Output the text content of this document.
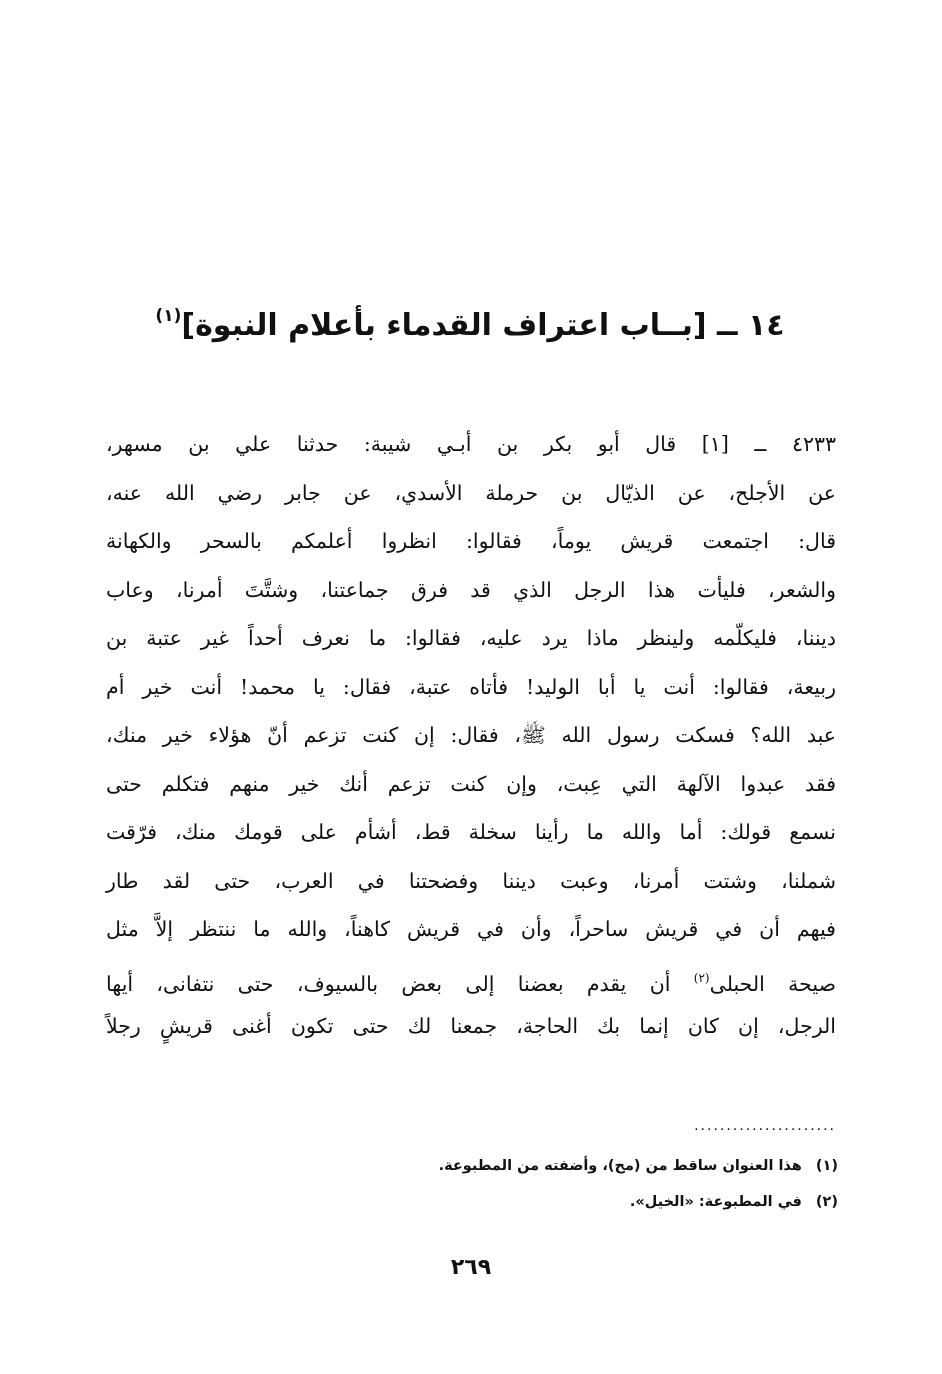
١٤ ــ [بــاب اعتراف القدماء بأعلام النبوة]$^{(١)}$
٤٢٣٣ ــ [١] قال أبو بكر بن أبـي شيبة: حدثنا علي بن مسهر،
عن الأجلح، عن الذيّال بن حرملة الأسدي، عن جابر رضي الله عنه،
قال: اجتمعت قريش يوماً، فقالوا: انظروا أعلمكم بالسحر والكهانة
والشعر، فليأت هذا الرجل الذي قد فرق جماعتنا، وشتَّتَ أمرنا، وعاب
ديننا، فليكلّمه ولينظر ماذا يرد عليه، فقالوا: ما نعرف أحداً غير عتبة بن
ربيعة، فقالوا: أنت يا أبا الوليد! فأتاه عتبة، فقال: يا محمد! أنت خير أم
عبد الله؟ فسكت رسول الله ﷺ، فقال: إن كنت تزعم أنّ هؤلاء خير منك،
فقد عبدوا الآلهة التي عِبت، وإن كنت تزعم أنك خير منهم فتكلم حتى
نسمع قولك: أما والله ما رأينا سخلة قط، أشأم على قومك منك، فرّقت
شملنا، وشتت أمرنا، وعبت ديننا وفضحتنا في العرب، حتى لقد طار
فيهم أن في قريش ساحراً، وأن في قريش كاهناً، والله ما ننتظر إلاَّ مثل
صيحة الحبلى$^{(٢)}$ أن يقدم بعضنا إلى بعض بالسيوف، حتى نتفانى، أيها
الرجل، إن كان إنما بك الحاجة، جمعنا لك حتى تكون أغنى قريشٍ رجلاً
......................
(١)هذا العنوان ساقط من (مح)، وأضفته من المطبوعة.
(٢)في المطبوعة: «الخيل».
٢٦٩
